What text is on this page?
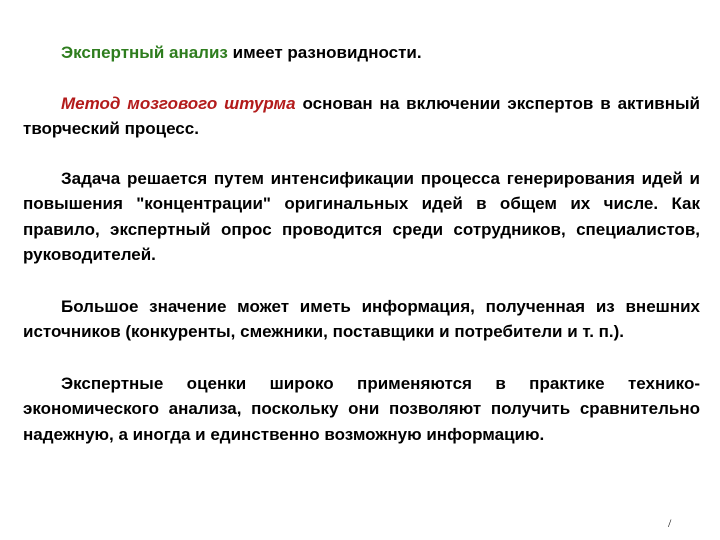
Экспертный анализ имеет разновидности.

Метод мозгового штурма основан на включении экспертов в активный творческий процесс.

Задача решается путем интенсификации процесса генерирования идей и повышения "концентрации" оригинальных идей в общем их числе. Как правило, экспертный опрос проводится среди сотрудников, специалистов, руководителей.

Большое значение может иметь информация, полученная из внешних источников (конкуренты, смежники, поставщики и потребители и т. п.).

Экспертные оценки широко применяются в практике технико-экономического анализа, поскольку они позволяют получить сравнительно надежную, а иногда и единственно возможную информацию.

/
